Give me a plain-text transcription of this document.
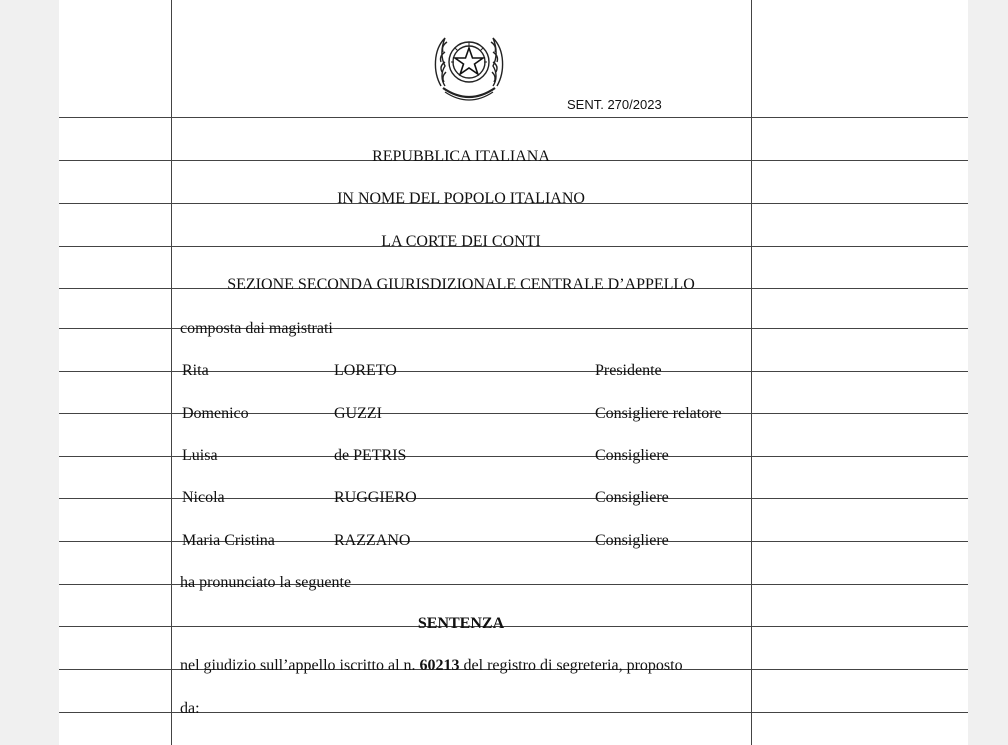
SENT. 270/2023
REPUBBLICA ITALIANA
IN NOME DEL POPOLO ITALIANO
LA CORTE DEI CONTI
SEZIONE SECONDA GIURISDIZIONALE CENTRALE D’APPELLO
composta dai magistrati
Rita	LORETO	Presidente
Domenico	GUZZI	Consigliere relatore
Luisa	de PETRIS	Consigliere
Nicola	RUGGIERO	Consigliere
Maria Cristina	RAZZANO	Consigliere
ha pronunciato la seguente
SENTENZA
nel giudizio sull’appello iscritto al n. 60213 del registro di segreteria, proposto
da:
